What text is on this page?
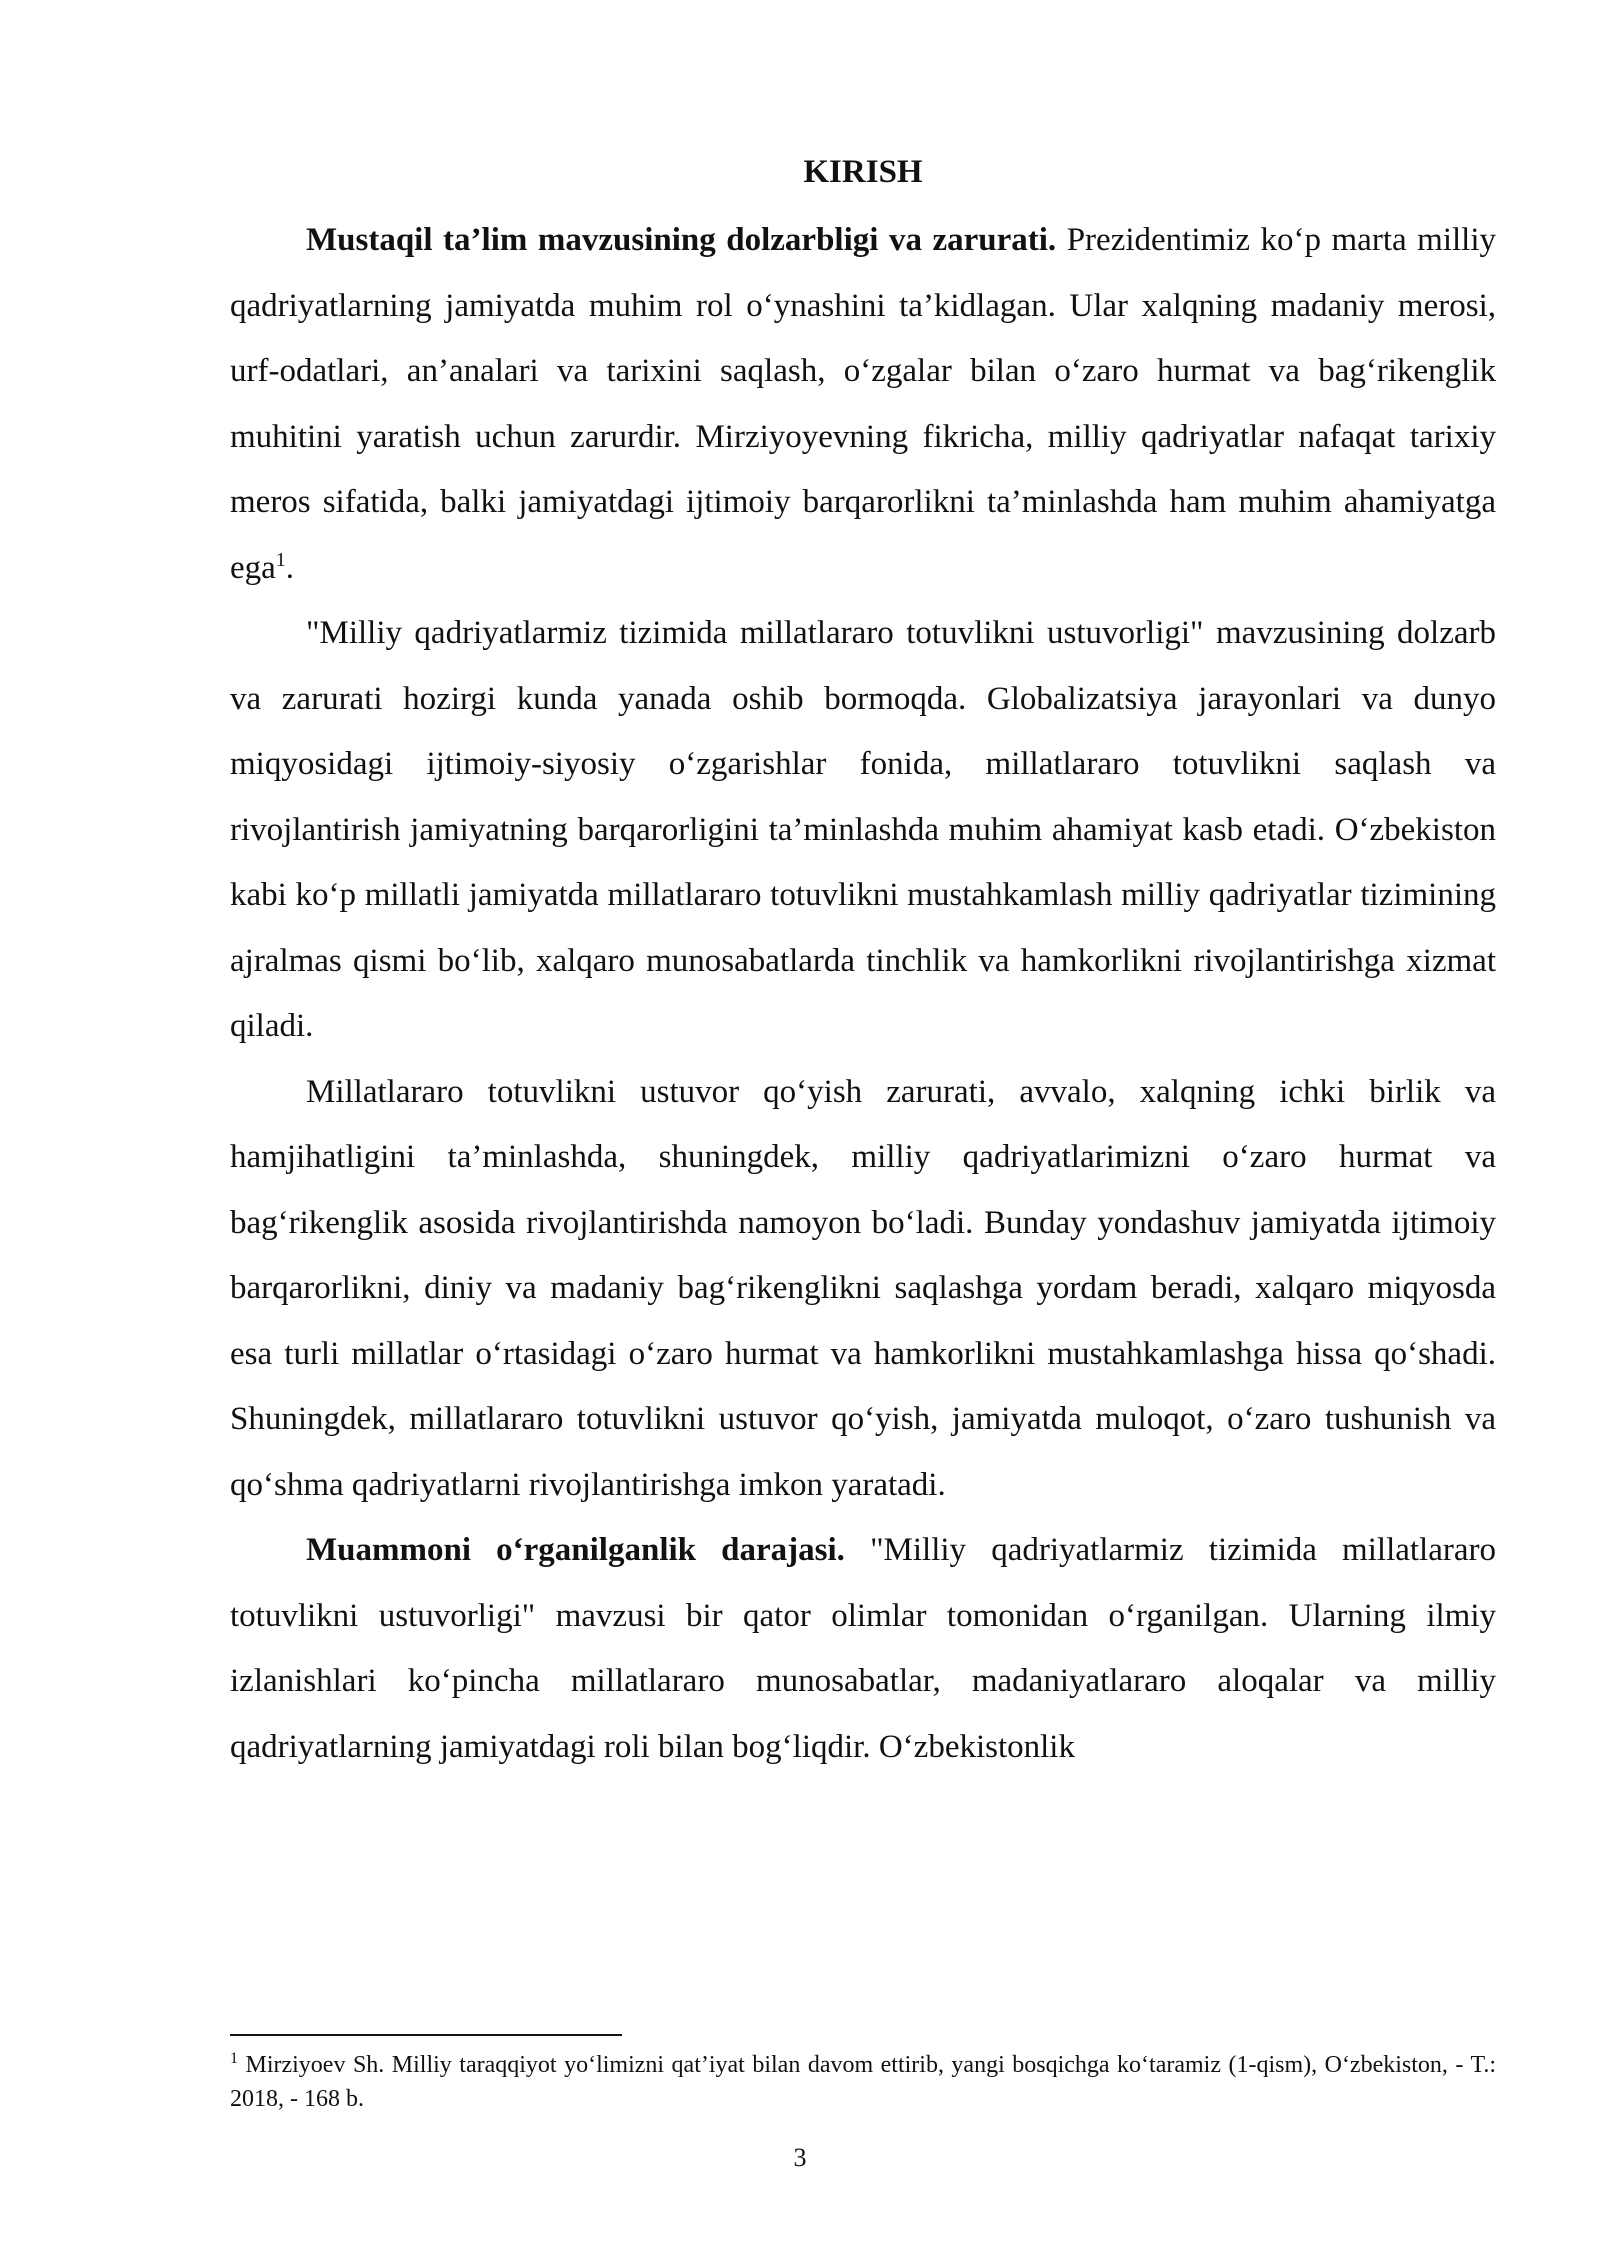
KIRISH

Mustaqil ta’lim mavzusining dolzarbligi va zarurati. Prezidentimiz ko‘p marta milliy qadriyatlarning jamiyatda muhim rol o‘ynashini ta’kidlagan. Ular xalqning madaniy merosi, urf-odatlari, an’analari va tarixini saqlash, o‘zgalar bilan o‘zaro hurmat va bag‘rikenglik muhitini yaratish uchun zarurdir. Mirziyoyevning fikricha, milliy qadriyatlar nafaqat tarixiy meros sifatida, balki jamiyatdagi ijtimoiy barqarorlikni ta’minlashda ham muhim ahamiyatga ega$^1$.

"Milliy qadriyatlarmiz tizimida millatlararo totuvlikni ustuvorligi" mavzusining dolzarb va zarurati hozirgi kunda yanada oshib bormoqda. Globalizatsiya jarayonlari va dunyo miqyosidagi ijtimoiy-siyosiy o‘zgarishlar fonida, millatlararo totuvlikni saqlash va rivojlantirish jamiyatning barqarorligini ta’minlashda muhim ahamiyat kasb etadi. O‘zbekiston kabi ko‘p millatli jamiyatda millatlararo totuvlikni mustahkamlash milliy qadriyatlar tizimining ajralmas qismi bo‘lib, xalqaro munosabatlarda tinchlik va hamkorlikni rivojlantirishga xizmat qiladi.

Millatlararo totuvlikni ustuvor qo‘yish zarurati, avvalo, xalqning ichki birlik va hamjihatligini ta’minlashda, shuningdek, milliy qadriyatlarimizni o‘zaro hurmat va bag‘rikenglik asosida rivojlantirishda namoyon bo‘ladi. Bunday yondashuv jamiyatda ijtimoiy barqarorlikni, diniy va madaniy bag‘rikenglikni saqlashga yordam beradi, xalqaro miqyosda esa turli millatlar o‘rtasidagi o‘zaro hurmat va hamkorlikni mustahkamlashga hissa qo‘shadi. Shuningdek, millatlararo totuvlikni ustuvor qo‘yish, jamiyatda muloqot, o‘zaro tushunish va qo‘shma qadriyatlarni rivojlantirishga imkon yaratadi.

Muammoni o‘rganilganlik darajasi. "Milliy qadriyatlarmiz tizimida millatlararo totuvlikni ustuvorligi" mavzusi bir qator olimlar tomonidan o‘rganilgan. Ularning ilmiy izlanishlari ko‘pincha millatlararo munosabatlar, madaniyatlararo aloqalar va milliy qadriyatlarning jamiyatdagi roli bilan bog‘liqdir. O‘zbekistonlik

$^1$ Mirziyoev Sh. Milliy taraqqiyot yo‘limizni qat’iyat bilan davom ettirib, yangi bosqichga ko‘taramiz (1-qism), O‘zbekiston, - T.: 2018, - 168 b.

3
